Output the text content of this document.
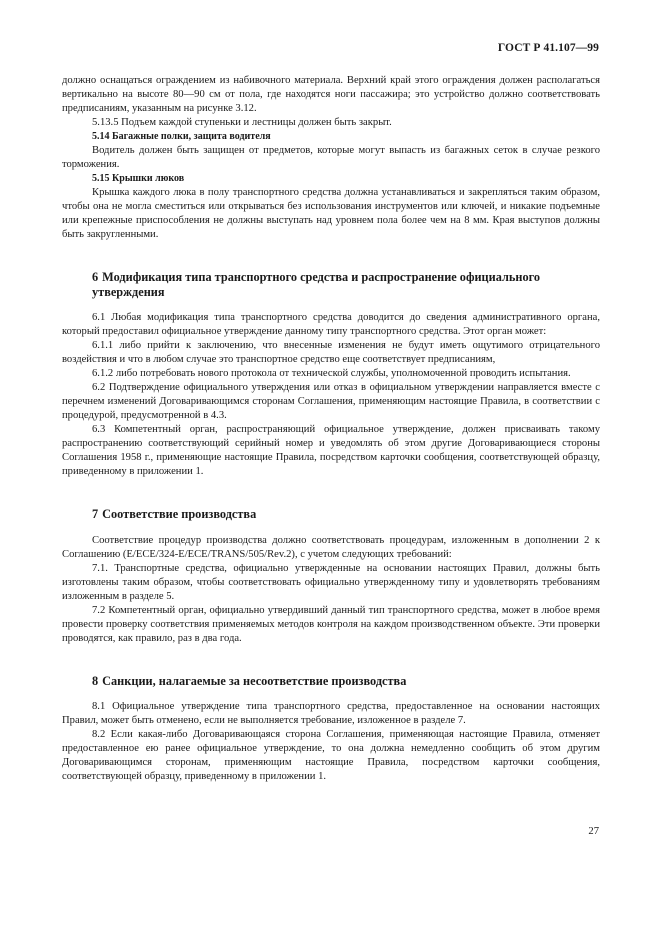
ГОСТ Р 41.107—99

должно оснащаться ограждением из набивочного материала. Верхний край этого ограждения должен располагаться вертикально на высоте 80—90 см от пола, где находятся ноги пассажира; это устройство должно соответствовать предписаниям, указанным на рисунке 3.12.

5.13.5 Подъем каждой ступеньки и лестницы должен быть закрыт.

5.14 Багажные полки, защита водителя

Водитель должен быть защищен от предметов, которые могут выпасть из багажных сеток в случае резкого торможения.

5.15 Крышки люков

Крышка каждого люка в полу транспортного средства должна устанавливаться и закрепляться таким образом, чтобы она не могла сместиться или открываться без использования инструментов или ключей, и никакие подъемные или крепежные приспособления не должны выступать над уровнем пола более чем на 8 мм. Края выступов должны быть закругленными.

6 Модификация типа транспортного средства и распространение официального утверждения

6.1 Любая модификация типа транспортного средства доводится до сведения административного органа, который предоставил официальное утверждение данному типу транспортного средства. Этот орган может:

6.1.1 либо прийти к заключению, что внесенные изменения не будут иметь ощутимого отрицательного воздействия и что в любом случае это транспортное средство еще соответствует предписаниям,

6.1.2 либо потребовать нового протокола от технической службы, уполномоченной проводить испытания.

6.2 Подтверждение официального утверждения или отказ в официальном утверждении направляется вместе с перечнем изменений Договаривающимся сторонам Соглашения, применяющим настоящие Правила, в соответствии с процедурой, предусмотренной в 4.3.

6.3 Компетентный орган, распространяющий официальное утверждение, должен присваивать такому распространению соответствующий серийный номер и уведомлять об этом другие Договаривающиеся стороны Соглашения 1958 г., применяющие настоящие Правила, посредством карточки сообщения, соответствующей образцу, приведенному в приложении 1.

7 Соответствие производства

Соответствие процедур производства должно соответствовать процедурам, изложенным в дополнении 2 к Соглашению (E/ECE/324-E/ECE/TRANS/505/Rev.2), с учетом следующих требований:

7.1. Транспортные средства, официально утвержденные на основании настоящих Правил, должны быть изготовлены таким образом, чтобы соответствовать официально утвержденному типу и удовлетворять требованиям изложенным в разделе 5.

7.2 Компетентный орган, официально утвердивший данный тип транспортного средства, может в любое время провести проверку соответствия применяемых методов контроля на каждом производственном объекте. Эти проверки проводятся, как правило, раз в два года.

8 Санкции, налагаемые за несоответствие производства

8.1 Официальное утверждение типа транспортного средства, предоставленное на основании настоящих Правил, может быть отменено, если не выполняется требование, изложенное в разделе 7.

8.2 Если какая-либо Договаривающаяся сторона Соглашения, применяющая настоящие Правила, отменяет предоставленное ею ранее официальное утверждение, то она должна немедленно сообщить об этом другим Договаривающимся сторонам, применяющим настоящие Правила, посредством карточки сообщения, соответствующей образцу, приведенному в приложении 1.

27
